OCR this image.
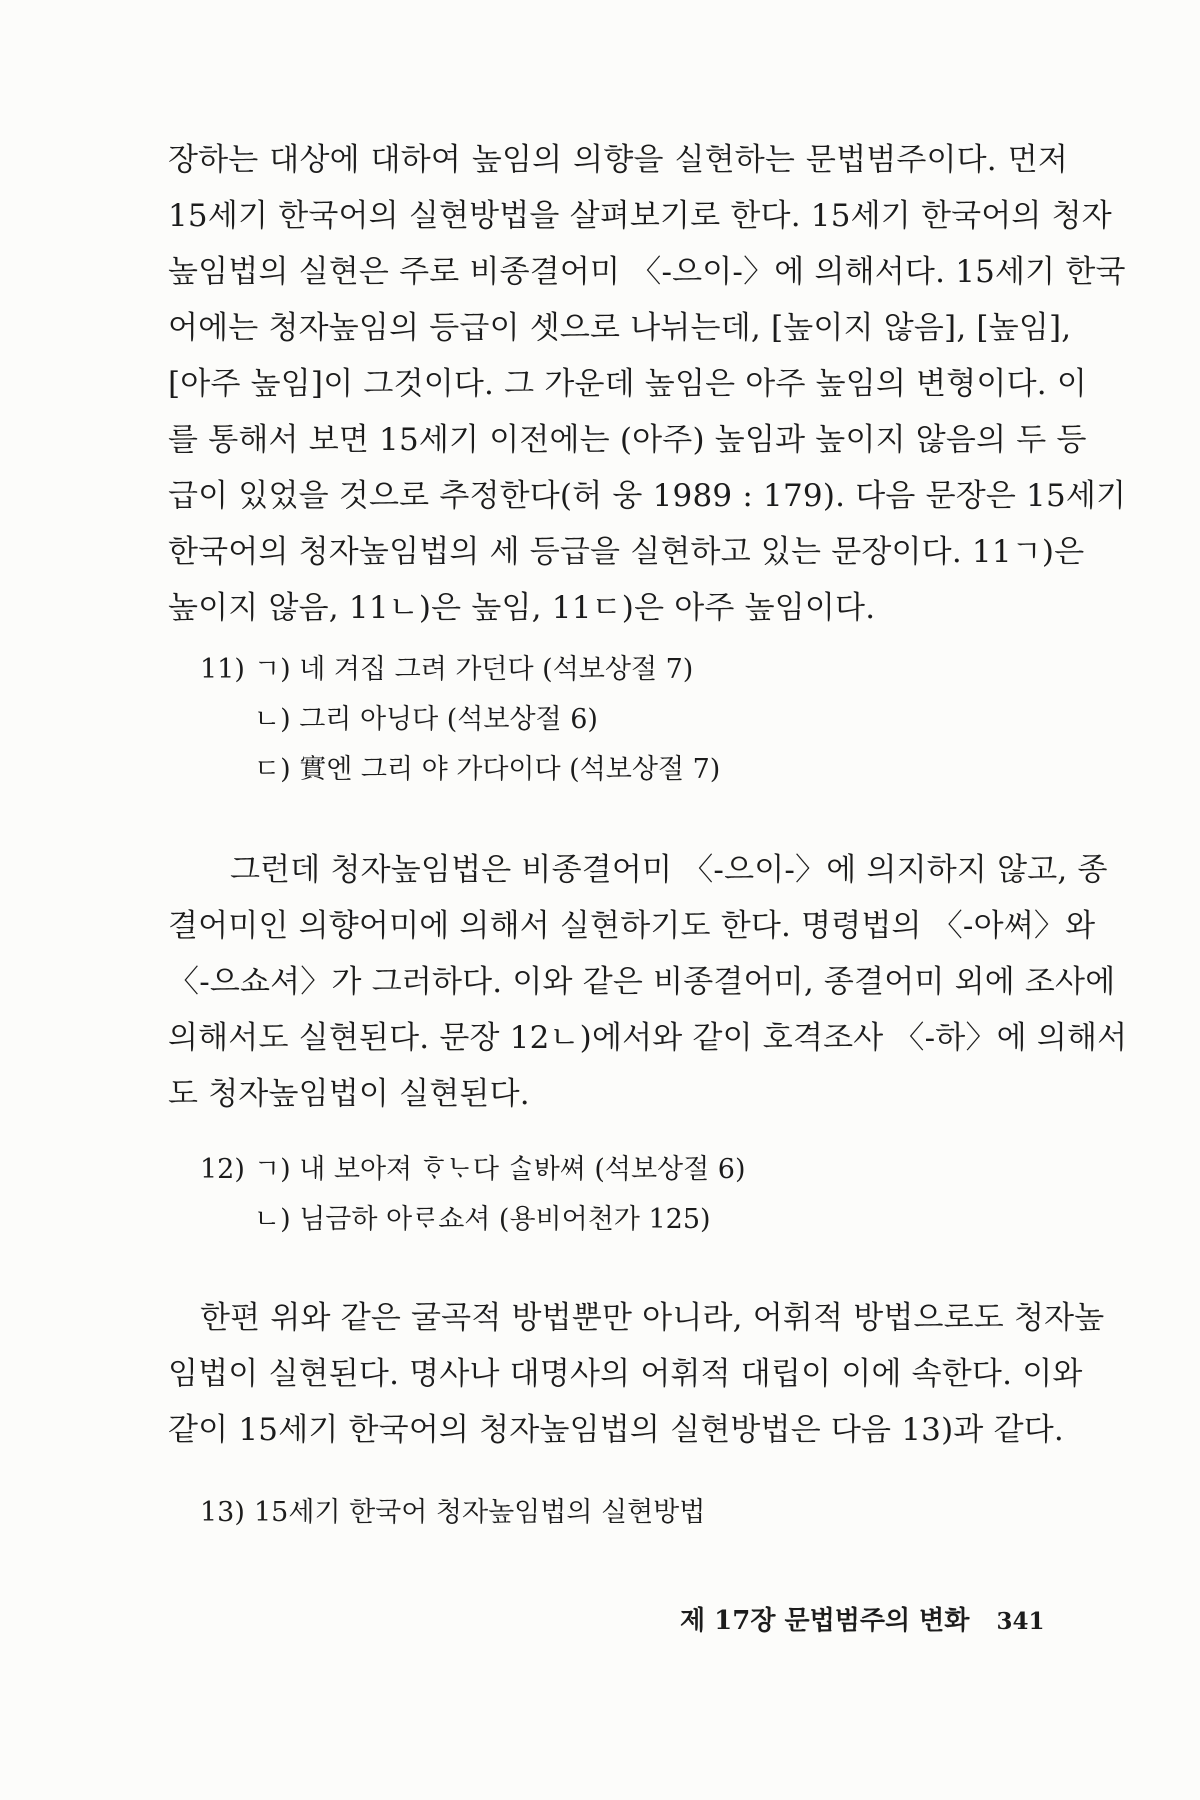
장하는 대상에 대하여 높임의 의향을 실현하는 문법범주이다. 먼저
15세기 한국어의 실현방법을 살펴보기로 한다. 15세기 한국어의 청자
높임법의 실현은 주로 비종결어미 〈-으이-〉에 의해서다. 15세기 한국
어에는 청자높임의 등급이 셋으로 나뉘는데, [높이지 않음], [높임],
[아주 높임]이 그것이다. 그 가운데 높임은 아주 높임의 변형이다. 이
를 통해서 보면 15세기 이전에는 (아주) 높임과 높이지 않음의 두 등
급이 있었을 것으로 추정한다(허 웅 1989 : 179). 다음 문장은 15세기
한국어의 청자높임법의 세 등급을 실현하고 있는 문장이다. 11ㄱ)은
높이지 않음, 11ㄴ)은 높임, 11ㄷ)은 아주 높임이다.
11) ㄱ) 네 겨집 그려 가던다 (석보상절 7)
ㄴ) 그리 아닝다 (석보상절 6)
ㄷ) 實엔 그리 야 가다이다 (석보상절 7)
그런데 청자높임법은 비종결어미 〈-으이-〉에 의지하지 않고, 종
결어미인 의향어미에 의해서 실현하기도 한다. 명령법의 〈-아쎠〉와
〈-으쇼셔〉가 그러하다. 이와 같은 비종결어미, 종결어미 외에 조사에
의해서도 실현된다. 문장 12ㄴ)에서와 같이 호격조사 〈-하〉에 의해서
도 청자높임법이 실현된다.
12) ㄱ) 내 보아져 ᄒᆞᄂᆞ다 ᄉᆞᆯᄫᅡ쎠 (석보상절 6)
ㄴ) 님금하 아ᄅᆞ쇼셔 (용비어천가 125)
한편 위와 같은 굴곡적 방법뿐만 아니라, 어휘적 방법으로도 청자높
임법이 실현된다. 명사나 대명사의 어휘적 대립이 이에 속한다. 이와
같이 15세기 한국어의 청자높임법의 실현방법은 다음 13)과 같다.
13) 15세기 한국어 청자높임법의 실현방법
제 17장 문법범주의 변화 341
